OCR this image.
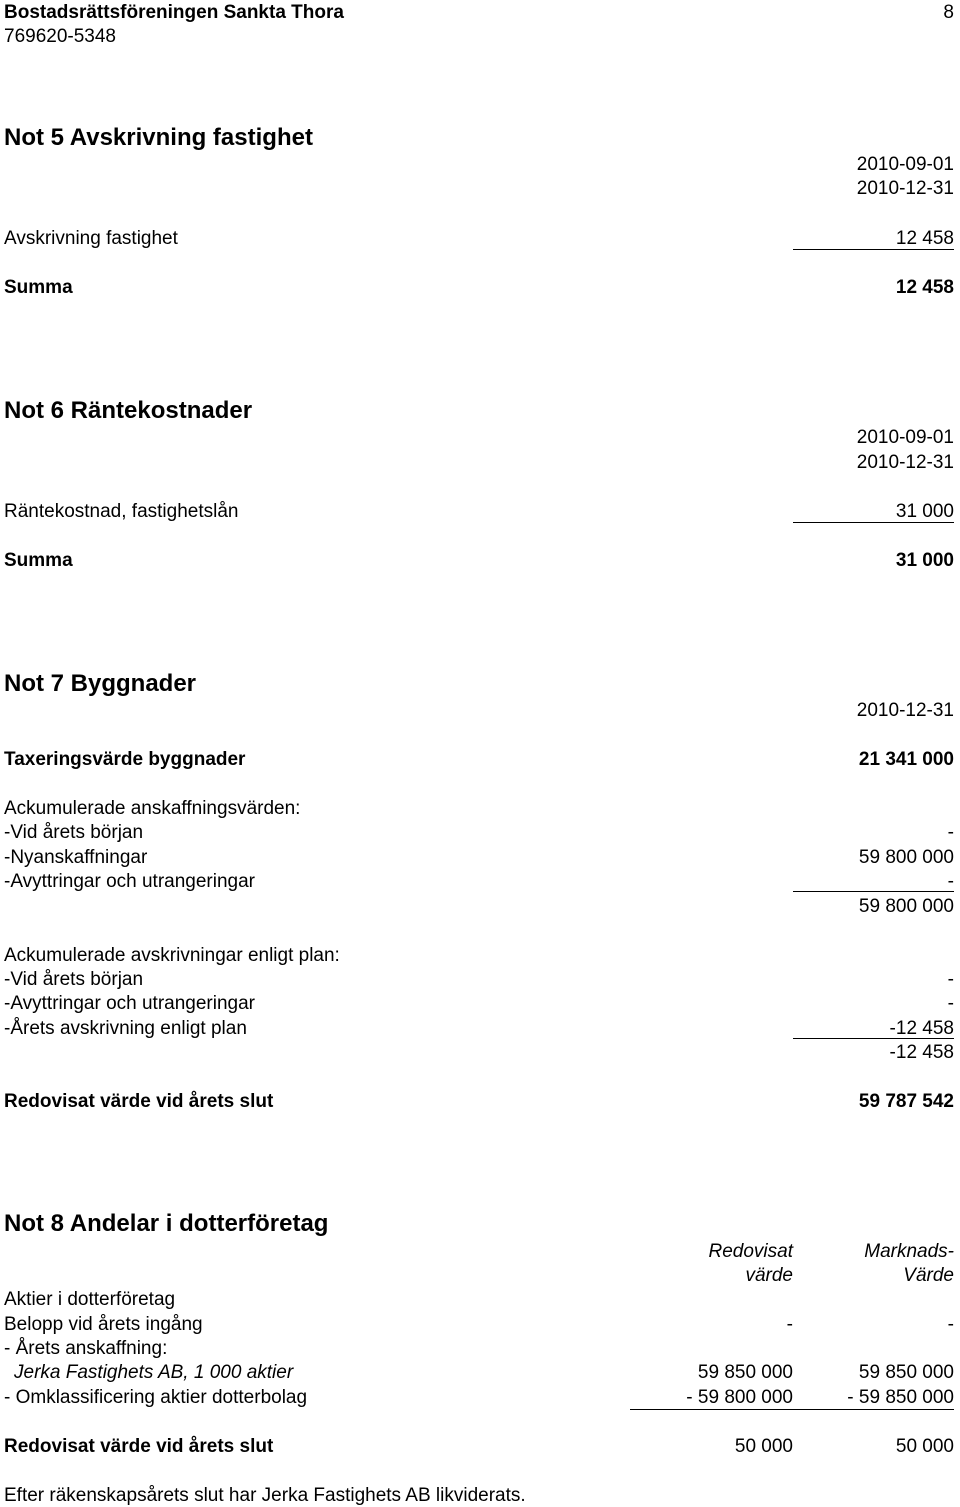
Bostadsrättsföreningen Sankta Thora
769620-5348
8
Not 5 Avskrivning fastighet
2010-09-01
2010-12-31
Avskrivning fastighet	12 458
Summa	12 458
Not 6 Räntekostnader
2010-09-01
2010-12-31
Räntekostnad, fastighetslån	31 000
Summa	31 000
Not 7 Byggnader
2010-12-31
Taxeringsvärde byggnader	21 341 000
Ackumulerade anskaffningsvärden:
-Vid årets början	-
-Nyanskaffningar	59 800 000
-Avyttringar och utrangeringar	-
59 800 000
Ackumulerade avskrivningar enligt plan:
-Vid årets början	-
-Avyttringar och utrangeringar	-
-Årets avskrivning enligt plan	-12 458
-12 458
Redovisat värde vid årets slut	59 787 542
Not 8 Andelar i dotterföretag
Redovisat	Marknads-
värde	Värde
Aktier i dotterföretag
Belopp vid årets ingång	-	-
- Årets anskaffning:
Jerka Fastighets AB, 1 000 aktier	59 850 000	59 850 000
- Omklassificering aktier dotterbolag	- 59 800 000	- 59 850 000
Redovisat värde vid årets slut	50 000	50 000
Efter räkenskapsårets slut har Jerka Fastighets AB likviderats.
